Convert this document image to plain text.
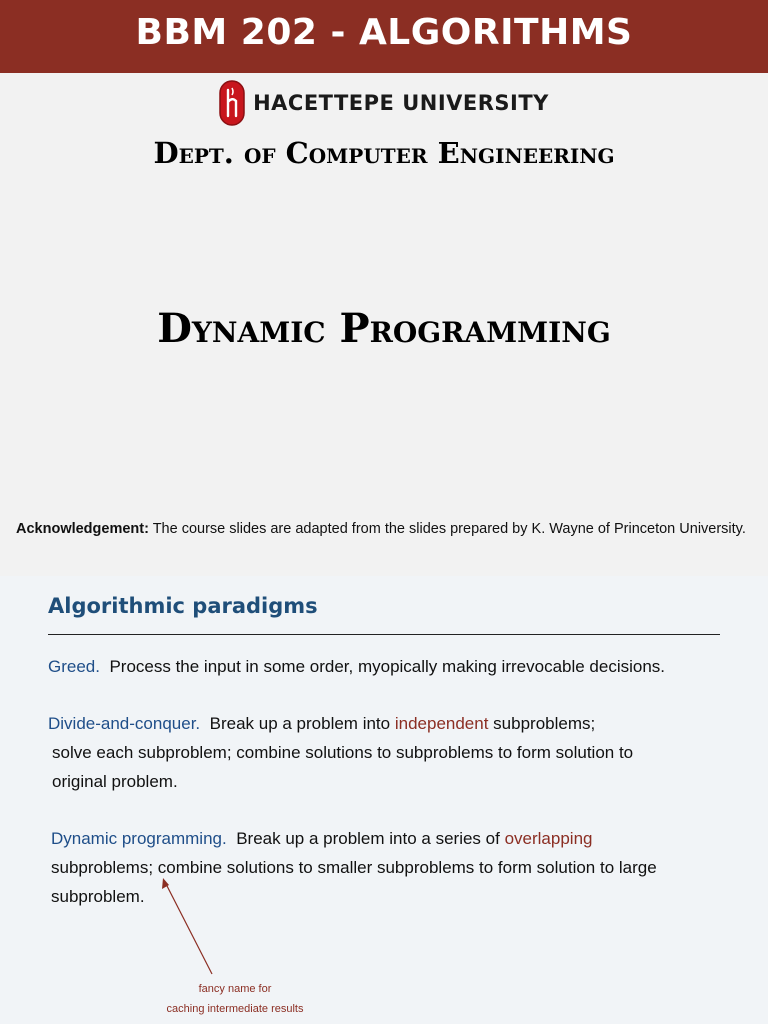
BBM 202 - ALGORITHMS
HACETTEPE UNIVERSITY
Dept. of Computer Engineering
Dynamic Programming
Acknowledgement: The course slides are adapted from the slides prepared by K. Wayne of Princeton University.
Algorithmic paradigms
Greed. Process the input in some order, myopically making irrevocable decisions.
Divide-and-conquer. Break up a problem into independent subproblems;
solve each subproblem; combine solutions to subproblems to form solution to
original problem.
Dynamic programming. Break up a problem into a series of overlapping
subproblems; combine solutions to smaller subproblems to form solution to large
subproblem.
fancy name for
caching intermediate results
